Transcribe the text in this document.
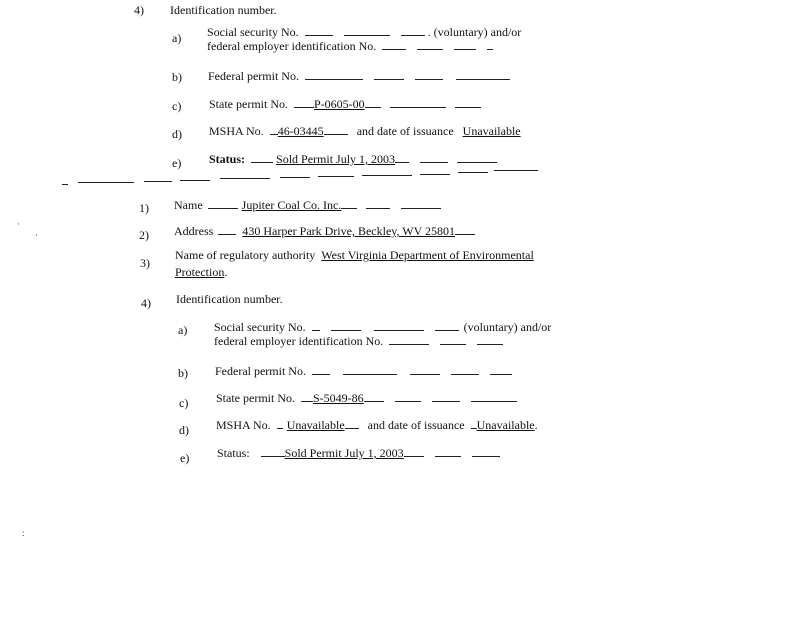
4) Identification number.
a) Social security No.	. (voluntary) and/or
federal employer identification No.
b) Federal permit No.
c) State permit No. P-0605-00
d) MSHA No. 46-03445	and date of issuance Unavailable
e) Status:	Sold Permit July 1, 2003
1) Name	Jupiter Coal Co. Inc.
·
·	2) Address 430 Harper Park Drive, Beckley, WV 25801
3)
Name of regulatory authority West Virginia Department of Environmental
Protection.
4) Identification number.
a) Social security No.	(voluntary) and/or
federal employer identification No.
b) Federal permit No.
c) State permit No. S-5049-86
d) MSHA No. Unavailable and date of issuance Unavailable.
e) Status:	Sold Permit July 1, 2003
:
